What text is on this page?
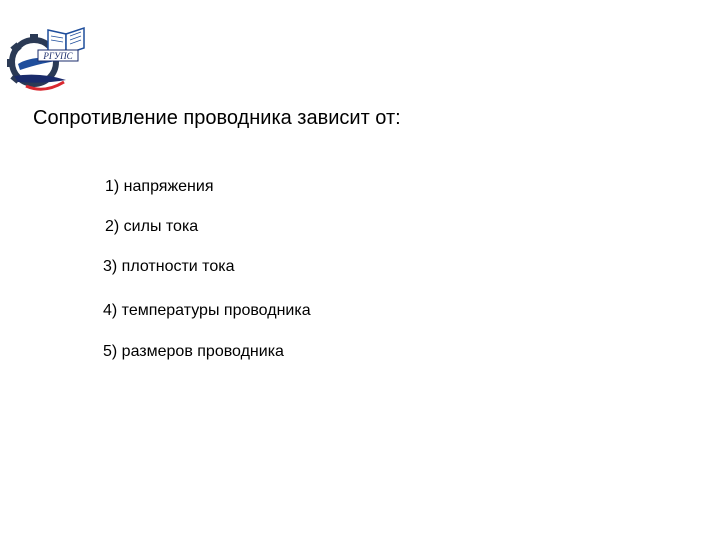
РГУПС
Сопротивление проводника зависит от:
1) напряжения
2) силы тока
3) плотности тока
4) температуры проводника
5) размеров проводника
